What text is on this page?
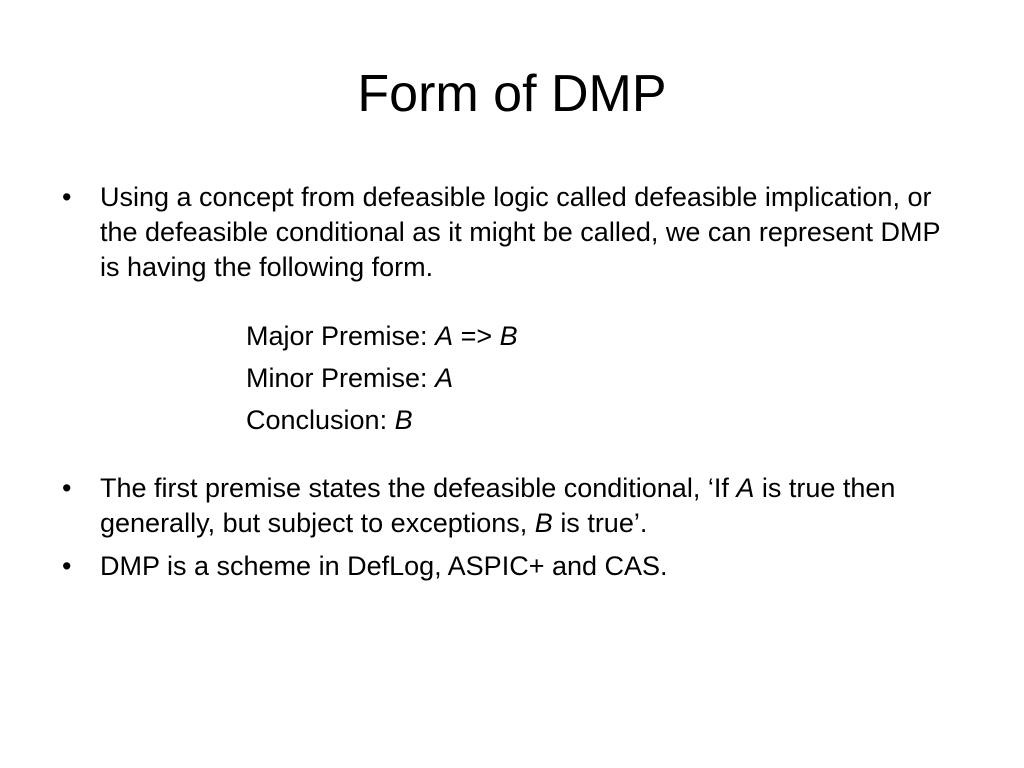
Form of DMP
•	Using a concept from defeasible logic called defeasible implication, or the defeasible conditional as it might be called, we can represent DMP is having the following form.
Major Premise: A => B
Minor Premise: A
Conclusion: B
•	The first premise states the defeasible conditional, ‘If A is true then generally, but subject to exceptions, B is true’.
•	DMP is a scheme in DefLog, ASPIC+ and CAS.
